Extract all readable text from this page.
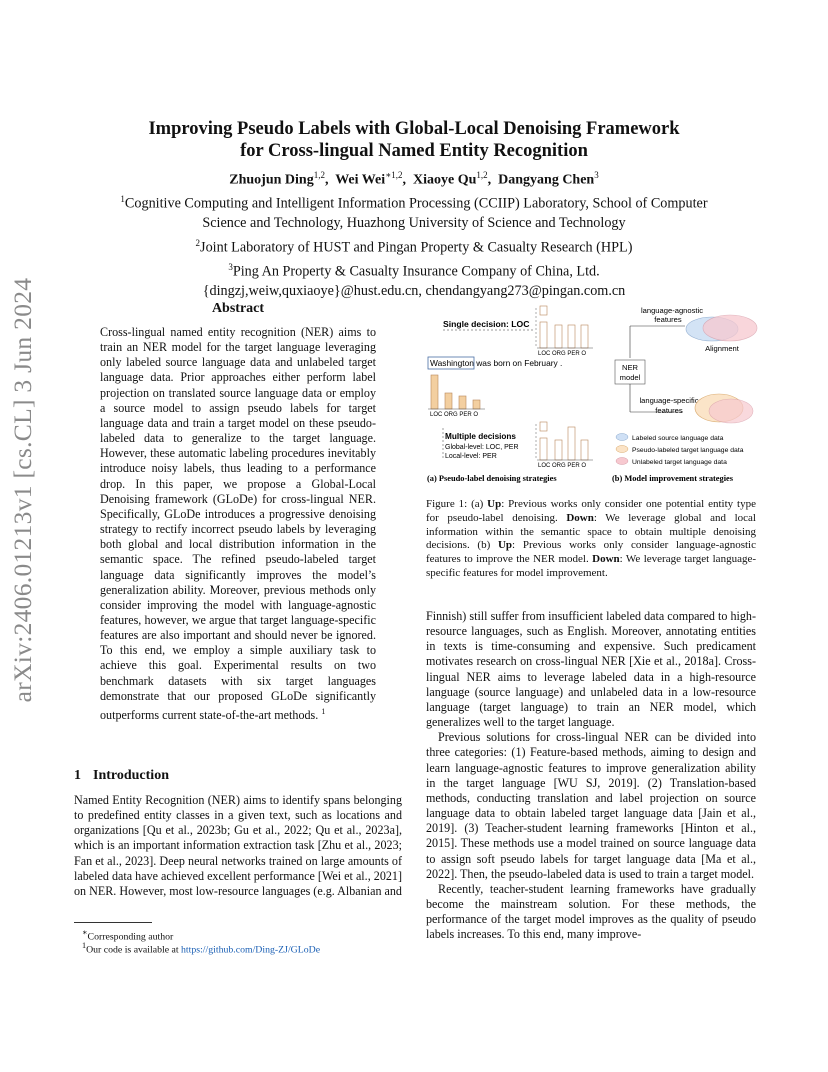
arXiv:2406.01213v1 [cs.CL] 3 Jun 2024
Improving Pseudo Labels with Global-Local Denoising Framework
for Cross-lingual Named Entity Recognition
Zhuojun Ding$^{1,2}$,  Wei Wei$^{∗1,2}$,  Xiaoye Qu$^{1,2}$,  Dangyang Chen$^3$
$^1$Cognitive Computing and Intelligent Information Processing (CCIIP) Laboratory, School of Computer
Science and Technology, Huazhong University of Science and Technology
$^2$Joint Laboratory of HUST and Pingan Property & Casualty Research (HPL)
$^3$Ping An Property & Casualty Insurance Company of China, Ltd.
{dingzj,weiw,quxiaoye}@hust.edu.cn, chendangyang273@pingan.com.cn
Abstract
Cross-lingual named entity recognition (NER) aims to train an NER model for the target language leveraging only labeled source language data and unlabeled target language data. Prior approaches either perform label projection on translated source language data or employ a source model to assign pseudo labels for target language data and train a target model on these pseudo-labeled data to generalize to the target language. However, these automatic labeling procedures inevitably introduce noisy labels, thus leading to a performance drop. In this paper, we propose a Global-Local Denoising framework (GLoDe) for cross-lingual NER. Specifically, GLoDe introduces a progressive denoising strategy to rectify incorrect pseudo labels by leveraging both global and local distribution information in the semantic space. The refined pseudo-labeled target language data significantly improves the model’s generalization ability. Moreover, previous methods only consider improving the model with language-agnostic features, however, we argue that target language-specific features are also important and should never be ignored. To this end, we employ a simple auxiliary task to achieve this goal. Experimental results on two benchmark datasets with six target languages demonstrate that our proposed GLoDe significantly outperforms current state-of-the-art methods. $^1$
1 Introduction
Named Entity Recognition (NER) aims to identify spans belonging to predefined entity classes in a given text, such as locations and organizations [Qu et al., 2023b; Gu et al., 2022; Qu et al., 2023a], which is an important information extraction task [Zhu et al., 2023; Fan et al., 2023]. Deep neural networks trained on large amounts of labeled data have achieved excellent performance [Wei et al., 2021] on NER. However, most low-resource languages (e.g. Albanian and
∗Corresponding author
$^1$Our code is available at https://github.com/Ding-ZJ/GLoDe
Single decision: LOC
LOC ORG PER O
Washington was born on February .
LOC ORG PER O
Multiple decisions
Global-level: LOC, PER
Local-level: PER
LOC ORG PER O
(a) Pseudo-label denoising strategies
language-agnostic
features
Alignment
NER
model
language-specific
features
Labeled source language data
Pseudo-labeled target language data
Unlabeled target language data
(b) Model improvement strategies
Figure 1: (a) Up: Previous works only consider one potential entity type for pseudo-label denoising. Down: We leverage global and local information within the semantic space to obtain multiple denoising decisions. (b) Up: Previous works only consider language-agnostic features to improve the NER model. Down: We leverage target language-specific features for model improvement.

Finnish) still suffer from insufficient labeled data compared to high-resource languages, such as English. Moreover, annotating entities in texts is time-consuming and expensive. Such predicament motivates research on cross-lingual NER [Xie et al., 2018a]. Cross-lingual NER aims to leverage labeled data in a high-resource language (source language) and unlabeled data in a low-resource language (target language) to train an NER model, which generalizes well to the target language.

Previous solutions for cross-lingual NER can be divided into three categories: (1) Feature-based methods, aiming to design and learn language-agnostic features to improve generalization ability in the target language [WU SJ, 2019]. (2) Translation-based methods, conducting translation and label projection on source language data to obtain labeled target language data [Jain et al., 2019]. (3) Teacher-student learning frameworks [Hinton et al., 2015]. These methods use a model trained on source language data to assign soft pseudo labels for target language data [Ma et al., 2022]. Then, the pseudo-labeled data is used to train a target model.

Recently, teacher-student learning frameworks have gradually become the mainstream solution. For these methods, the performance of the target model improves as the quality of pseudo labels increases. To this end, many improve-
